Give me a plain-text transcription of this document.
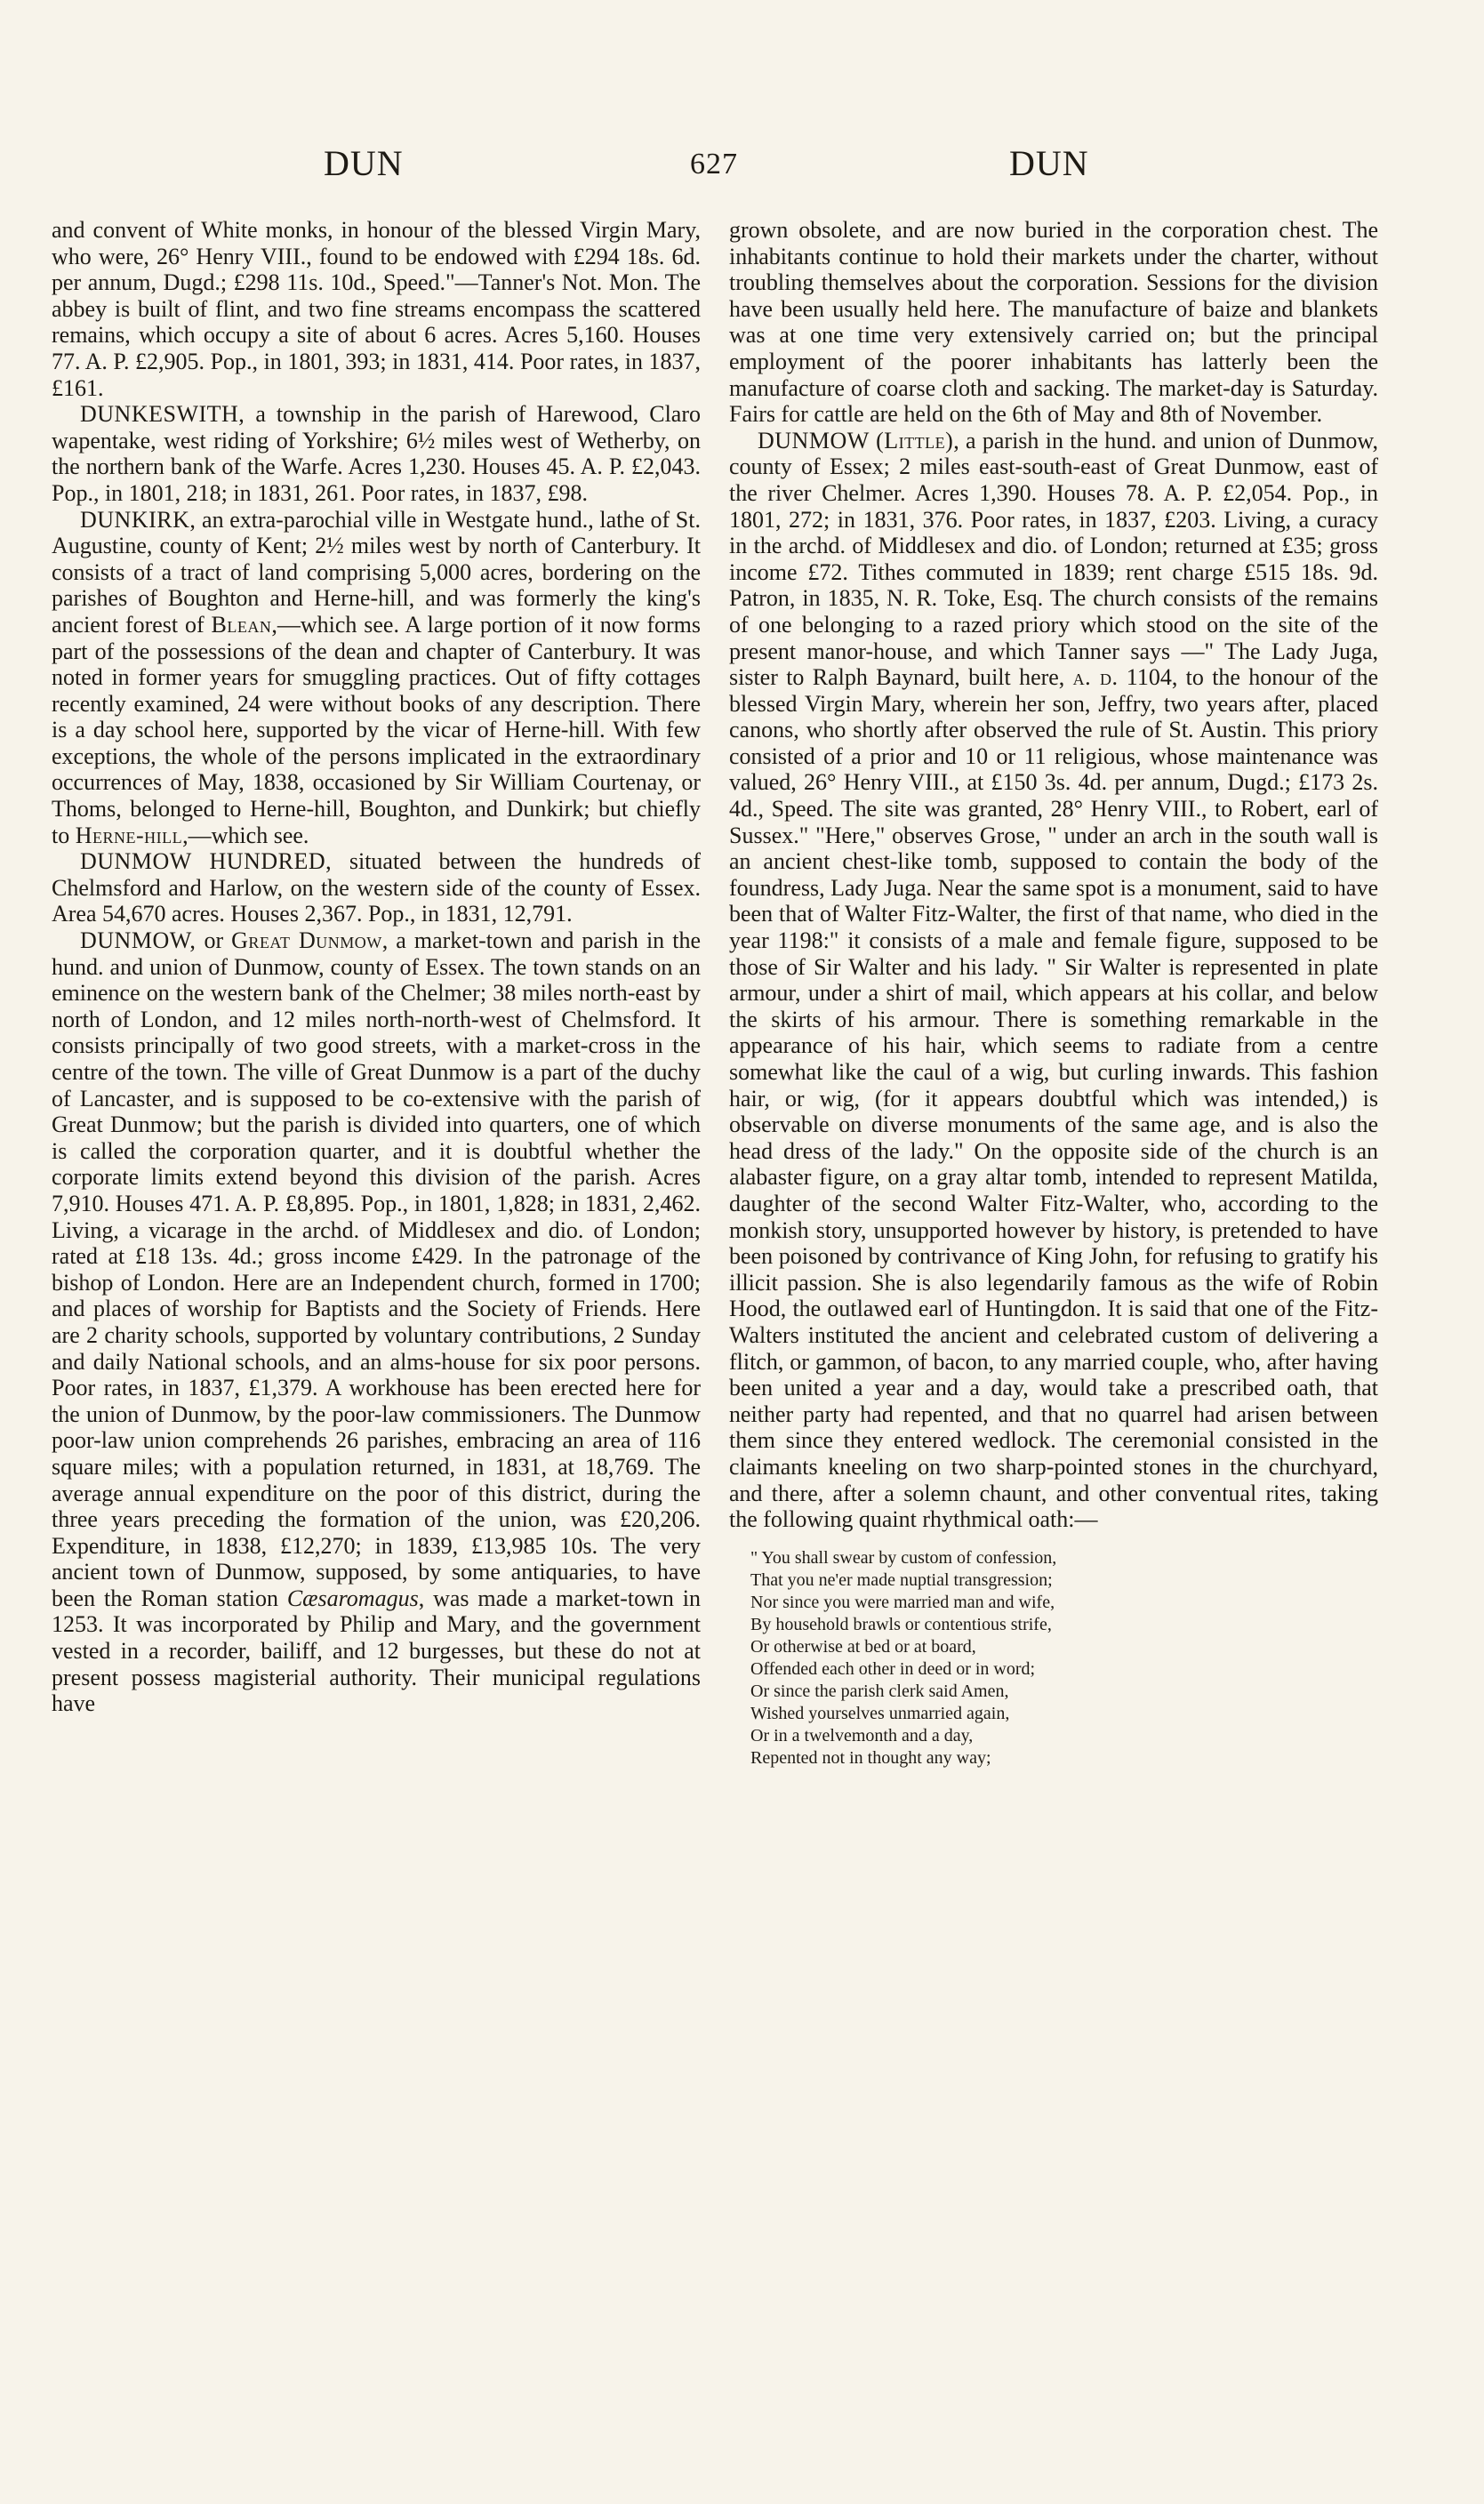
DUN	627	DUN

and convent of White monks, in honour of the blessed Virgin Mary, who were, 26° Henry VIII., found to be endowed with £294 18s. 6d. per annum, Dugd.; £298 11s. 10d., Speed."—Tanner's Not. Mon. The abbey is built of flint, and two fine streams encompass the scattered remains, which occupy a site of about 6 acres. Acres 5,160. Houses 77. A. P. £2,905. Pop., in 1801, 393; in 1831, 414. Poor rates, in 1837, £161.

DUNKESWITH, a township in the parish of Harewood, Claro wapentake, west riding of Yorkshire; 6½ miles west of Wetherby, on the northern bank of the Warfe. Acres 1,230. Houses 45. A. P. £2,043. Pop., in 1801, 218; in 1831, 261. Poor rates, in 1837, £98.

DUNKIRK, an extra-parochial ville in Westgate hund., lathe of St. Augustine, county of Kent; 2½ miles west by north of Canterbury. It consists of a tract of land comprising 5,000 acres, bordering on the parishes of Boughton and Herne-hill, and was formerly the king's ancient forest of Blean,—which see. A large portion of it now forms part of the possessions of the dean and chapter of Canterbury. It was noted in former years for smuggling practices. Out of fifty cottages recently examined, 24 were without books of any description. There is a day school here, supported by the vicar of Herne-hill. With few exceptions, the whole of the persons implicated in the extraordinary occurrences of May, 1838, occasioned by Sir William Courtenay, or Thoms, belonged to Herne-hill, Boughton, and Dunkirk; but chiefly to Herne-hill,—which see.

DUNMOW HUNDRED, situated between the hundreds of Chelmsford and Harlow, on the western side of the county of Essex. Area 54,670 acres. Houses 2,367. Pop., in 1831, 12,791.

DUNMOW, or Great Dunmow, a market-town and parish in the hund. and union of Dunmow, county of Essex. The town stands on an eminence on the western bank of the Chelmer; 38 miles north-east by north of London, and 12 miles north-north-west of Chelmsford. It consists principally of two good streets, with a market-cross in the centre of the town. The ville of Great Dunmow is a part of the duchy of Lancaster, and is supposed to be co-extensive with the parish of Great Dunmow; but the parish is divided into quarters, one of which is called the corporation quarter, and it is doubtful whether the corporate limits extend beyond this division of the parish. Acres 7,910. Houses 471. A. P. £8,895. Pop., in 1801, 1,828; in 1831, 2,462. Living, a vicarage in the archd. of Middlesex and dio. of London; rated at £18 13s. 4d.; gross income £429. In the patronage of the bishop of London. Here are an Independent church, formed in 1700; and places of worship for Baptists and the Society of Friends. Here are 2 charity schools, supported by voluntary contributions, 2 Sunday and daily National schools, and an alms-house for six poor persons. Poor rates, in 1837, £1,379. A workhouse has been erected here for the union of Dunmow, by the poor-law commissioners. The Dunmow poor-law union comprehends 26 parishes, embracing an area of 116 square miles; with a population returned, in 1831, at 18,769. The average annual expenditure on the poor of this district, during the three years preceding the formation of the union, was £20,206. Expenditure, in 1838, £12,270; in 1839, £13,985 10s. The very ancient town of Dunmow, supposed, by some antiquaries, to have been the Roman station Cæsaromagus, was made a market-town in 1253. It was incorporated by Philip and Mary, and the government vested in a recorder, bailiff, and 12 burgesses, but these do not at present possess magisterial authority. Their municipal regulations have

grown obsolete, and are now buried in the corporation chest. The inhabitants continue to hold their markets under the charter, without troubling themselves about the corporation. Sessions for the division have been usually held here. The manufacture of baize and blankets was at one time very extensively carried on; but the principal employment of the poorer inhabitants has latterly been the manufacture of coarse cloth and sacking. The market-day is Saturday. Fairs for cattle are held on the 6th of May and 8th of November.

DUNMOW (Little), a parish in the hund. and union of Dunmow, county of Essex; 2 miles east-south-east of Great Dunmow, east of the river Chelmer. Acres 1,390. Houses 78. A. P. £2,054. Pop., in 1801, 272; in 1831, 376. Poor rates, in 1837, £203. Living, a curacy in the archd. of Middlesex and dio. of London; returned at £35; gross income £72. Tithes commuted in 1839; rent charge £515 18s. 9d. Patron, in 1835, N. R. Toke, Esq. The church consists of the remains of one belonging to a razed priory which stood on the site of the present manor-house, and which Tanner says —" The Lady Juga, sister to Ralph Baynard, built here, a. d. 1104, to the honour of the blessed Virgin Mary, wherein her son, Jeffry, two years after, placed canons, who shortly after observed the rule of St. Austin. This priory consisted of a prior and 10 or 11 religious, whose maintenance was valued, 26° Henry VIII., at £150 3s. 4d. per annum, Dugd.; £173 2s. 4d., Speed. The site was granted, 28° Henry VIII., to Robert, earl of Sussex." "Here," observes Grose, " under an arch in the south wall is an ancient chest-like tomb, supposed to contain the body of the foundress, Lady Juga. Near the same spot is a monument, said to have been that of Walter Fitz-Walter, the first of that name, who died in the year 1198:" it consists of a male and female figure, supposed to be those of Sir Walter and his lady. " Sir Walter is represented in plate armour, under a shirt of mail, which appears at his collar, and below the skirts of his armour. There is something remarkable in the appearance of his hair, which seems to radiate from a centre somewhat like the caul of a wig, but curling inwards. This fashion hair, or wig, (for it appears doubtful which was intended,) is observable on diverse monuments of the same age, and is also the head dress of the lady." On the opposite side of the church is an alabaster figure, on a gray altar tomb, intended to represent Matilda, daughter of the second Walter Fitz-Walter, who, according to the monkish story, unsupported however by history, is pretended to have been poisoned by contrivance of King John, for refusing to gratify his illicit passion. She is also legendarily famous as the wife of Robin Hood, the outlawed earl of Huntingdon. It is said that one of the Fitz-Walters instituted the ancient and celebrated custom of delivering a flitch, or gammon, of bacon, to any married couple, who, after having been united a year and a day, would take a prescribed oath, that neither party had repented, and that no quarrel had arisen between them since they entered wedlock. The ceremonial consisted in the claimants kneeling on two sharp-pointed stones in the churchyard, and there, after a solemn chaunt, and other conventual rites, taking the following quaint rhythmical oath:—

" You shall swear by custom of confession,
That you ne'er made nuptial transgression;
Nor since you were married man and wife,
By household brawls or contentious strife,
Or otherwise at bed or at board,
Offended each other in deed or in word;
Or since the parish clerk said Amen,
Wished yourselves unmarried again,
Or in a twelvemonth and a day,
Repented not in thought any way;
